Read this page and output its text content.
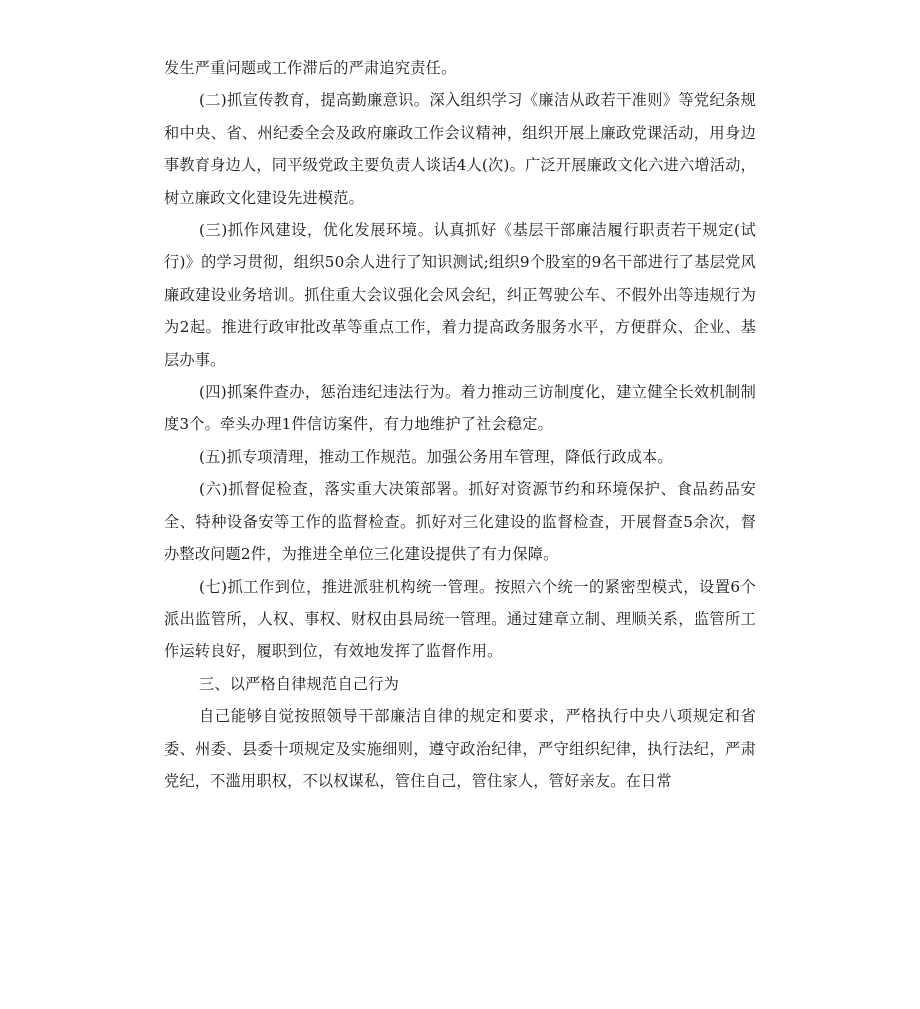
发生严重问题或工作滞后的严肃追究责任。

(二)抓宣传教育，提高勤廉意识。深入组织学习《廉洁从政若干准则》等党纪条规和中央、省、州纪委全会及政府廉政工作会议精神，组织开展上廉政党课活动，用身边事教育身边人，同平级党政主要负责人谈话4人(次)。广泛开展廉政文化六进六增活动，树立廉政文化建设先进模范。

(三)抓作风建设，优化发展环境。认真抓好《基层干部廉洁履行职责若干规定(试行)》的学习贯彻，组织50余人进行了知识测试;组织9个股室的9名干部进行了基层党风廉政建设业务培训。抓住重大会议强化会风会纪，纠正驾驶公车、不假外出等违规行为为2起。推进行政审批改革等重点工作，着力提高政务服务水平，方便群众、企业、基层办事。

(四)抓案件查办，惩治违纪违法行为。着力推动三访制度化，建立健全长效机制制度3个。牵头办理1件信访案件，有力地维护了社会稳定。

(五)抓专项清理，推动工作规范。加强公务用车管理，降低行政成本。

(六)抓督促检查，落实重大决策部署。抓好对资源节约和环境保护、食品药品安全、特种设备安等工作的监督检查。抓好对三化建设的监督检查，开展督查5余次，督办整改问题2件，为推进全单位三化建设提供了有力保障。

(七)抓工作到位，推进派驻机构统一管理。按照六个统一的紧密型模式，设置6个派出监管所，人权、事权、财权由县局统一管理。通过建章立制、理顺关系，监管所工作运转良好，履职到位，有效地发挥了监督作用。

三、以严格自律规范自己行为

自己能够自觉按照领导干部廉洁自律的规定和要求，严格执行中央八项规定和省委、州委、县委十项规定及实施细则，遵守政治纪律，严守组织纪律，执行法纪，严肃党纪，不滥用职权，不以权谋私，管住自己，管住家人，管好亲友。在日常
